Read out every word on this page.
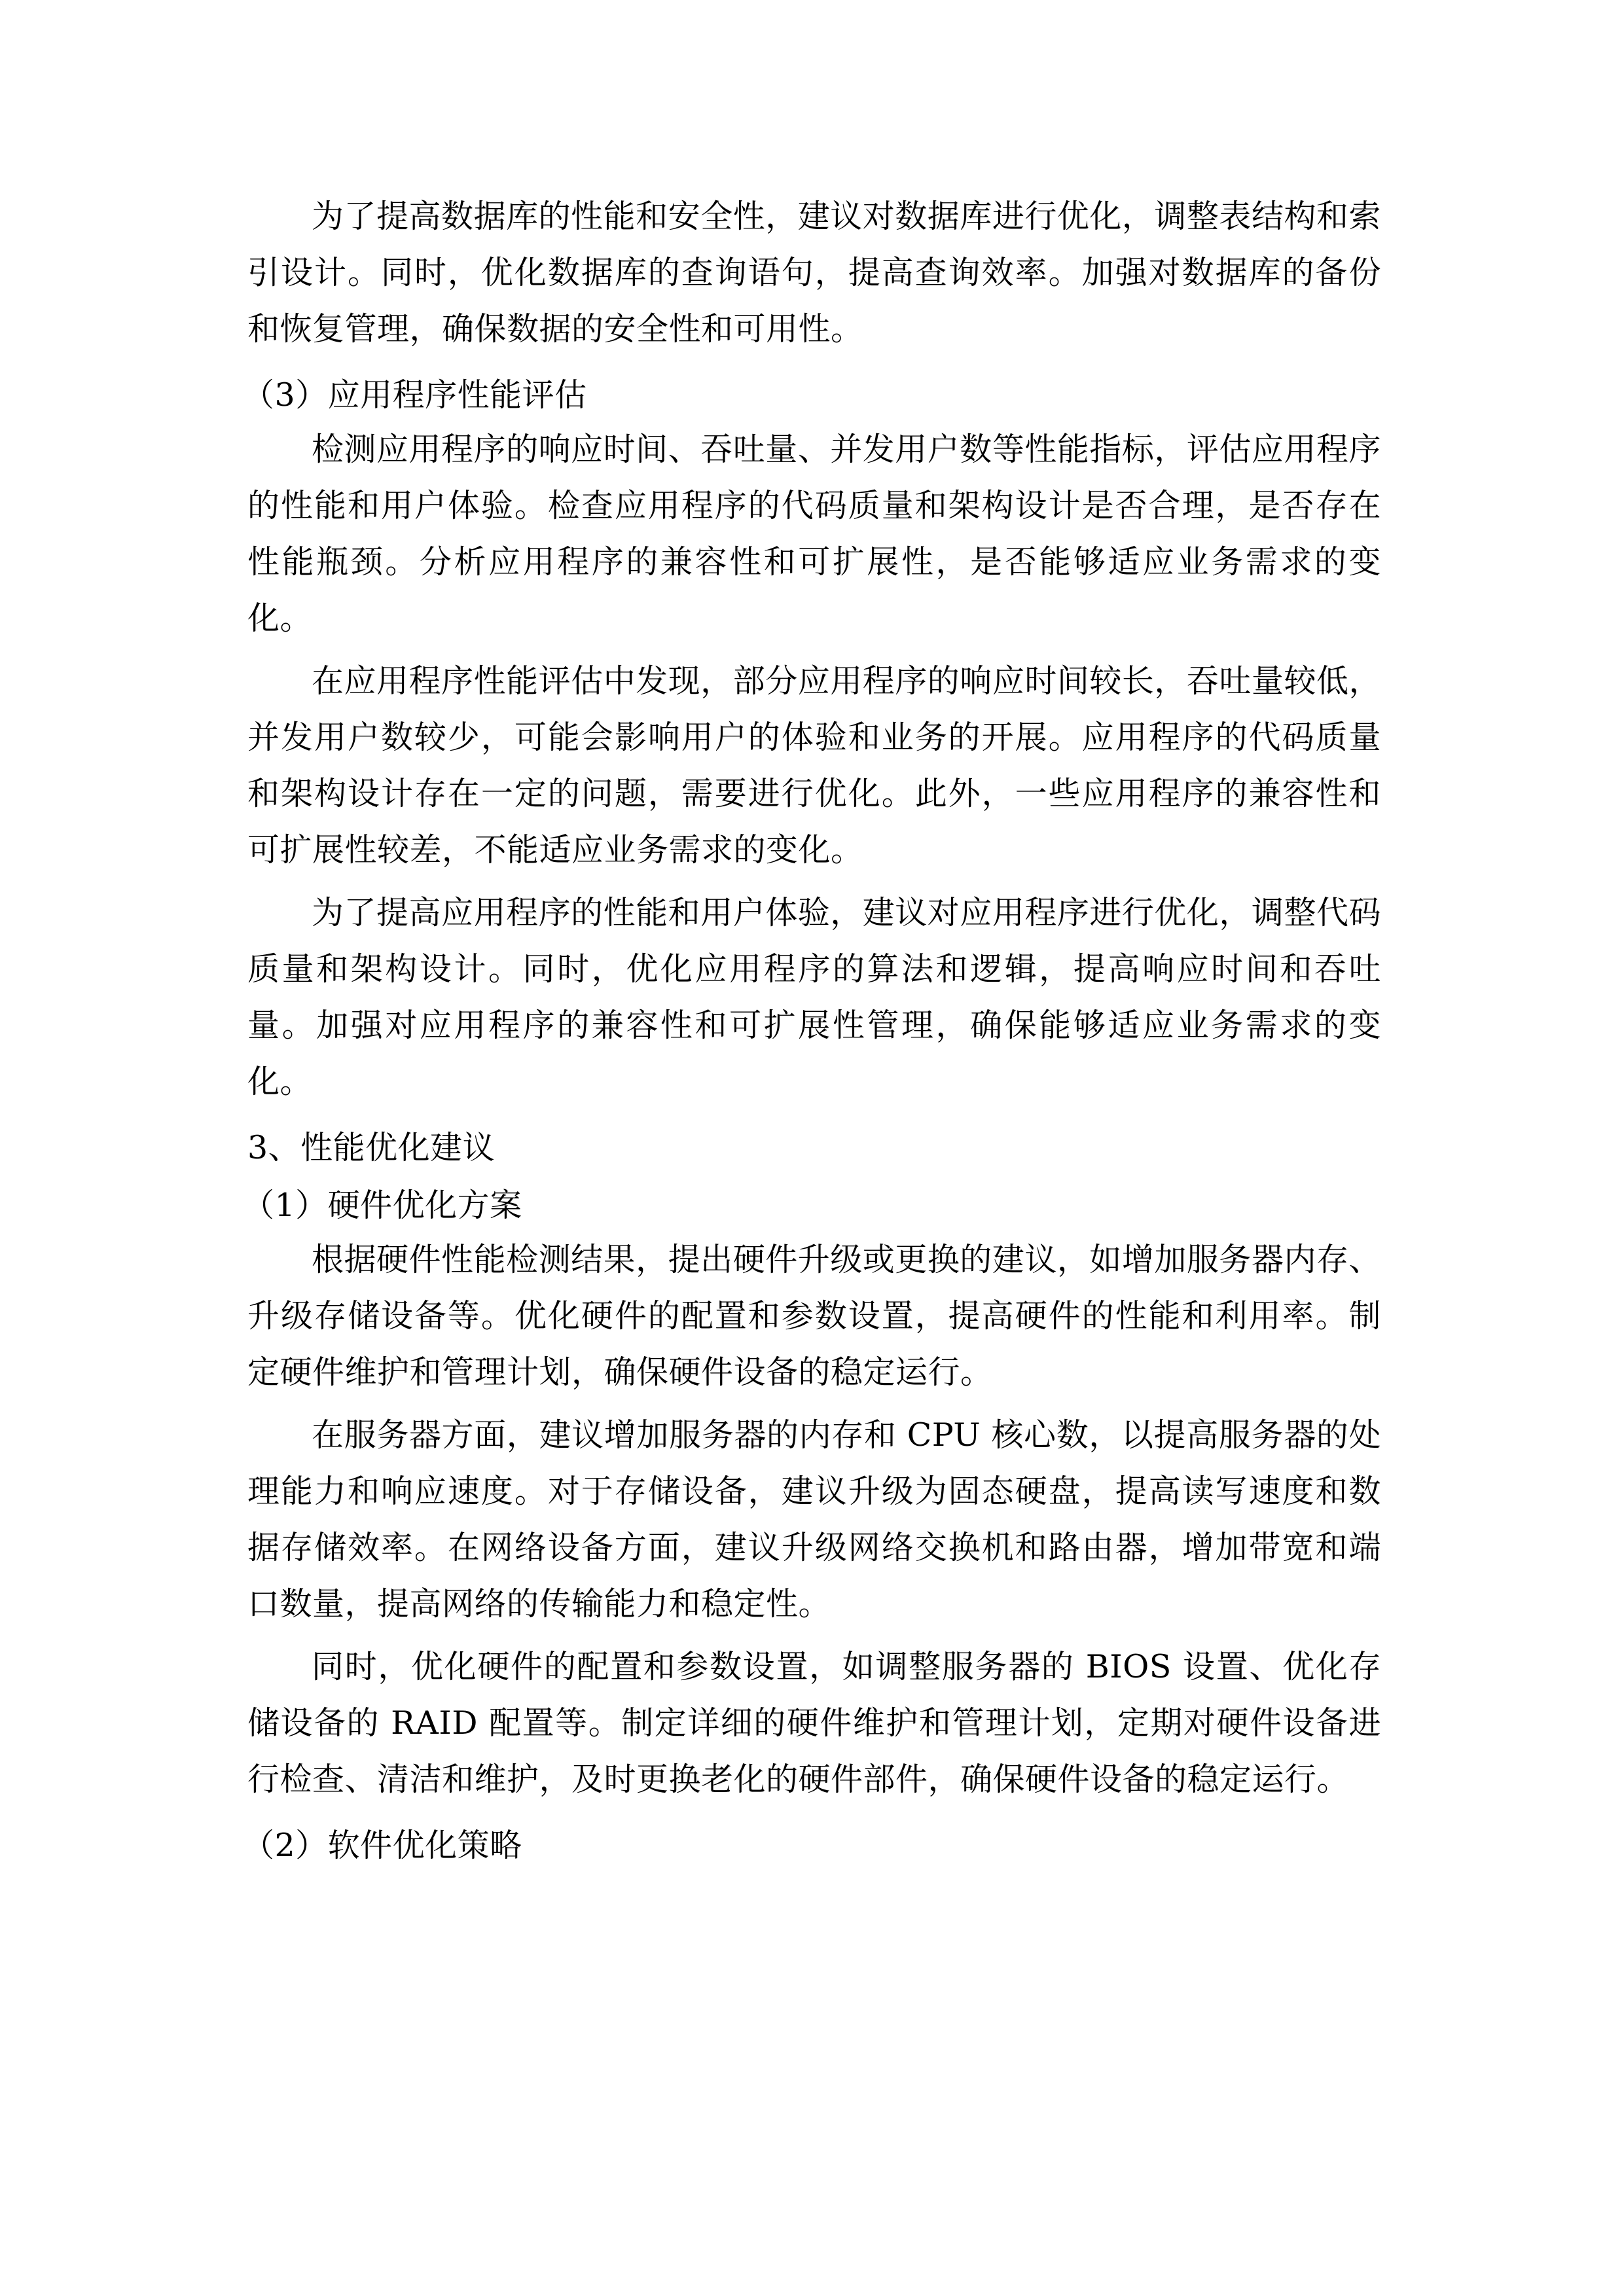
为了提高数据库的性能和安全性，建议对数据库进行优化，调整表结构和索引设计。同时，优化数据库的查询语句，提高查询效率。加强对数据库的备份和恢复管理，确保数据的安全性和可用性。

（3）应用程序性能评估

检测应用程序的响应时间、吞吐量、并发用户数等性能指标，评估应用程序的性能和用户体验。检查应用程序的代码质量和架构设计是否合理，是否存在性能瓶颈。分析应用程序的兼容性和可扩展性，是否能够适应业务需求的变化。

在应用程序性能评估中发现，部分应用程序的响应时间较长，吞吐量较低，并发用户数较少，可能会影响用户的体验和业务的开展。应用程序的代码质量和架构设计存在一定的问题，需要进行优化。此外，一些应用程序的兼容性和可扩展性较差，不能适应业务需求的变化。

为了提高应用程序的性能和用户体验，建议对应用程序进行优化，调整代码质量和架构设计。同时，优化应用程序的算法和逻辑，提高响应时间和吞吐量。加强对应用程序的兼容性和可扩展性管理，确保能够适应业务需求的变化。

3、性能优化建议

（1）硬件优化方案

根据硬件性能检测结果，提出硬件升级或更换的建议，如增加服务器内存、升级存储设备等。优化硬件的配置和参数设置，提高硬件的性能和利用率。制定硬件维护和管理计划，确保硬件设备的稳定运行。

在服务器方面，建议增加服务器的内存和 CPU 核心数，以提高服务器的处理能力和响应速度。对于存储设备，建议升级为固态硬盘，提高读写速度和数据存储效率。在网络设备方面，建议升级网络交换机和路由器，增加带宽和端口数量，提高网络的传输能力和稳定性。

同时，优化硬件的配置和参数设置，如调整服务器的 BIOS 设置、优化存储设备的 RAID 配置等。制定详细的硬件维护和管理计划，定期对硬件设备进行检查、清洁和维护，及时更换老化的硬件部件，确保硬件设备的稳定运行。

（2）软件优化策略
